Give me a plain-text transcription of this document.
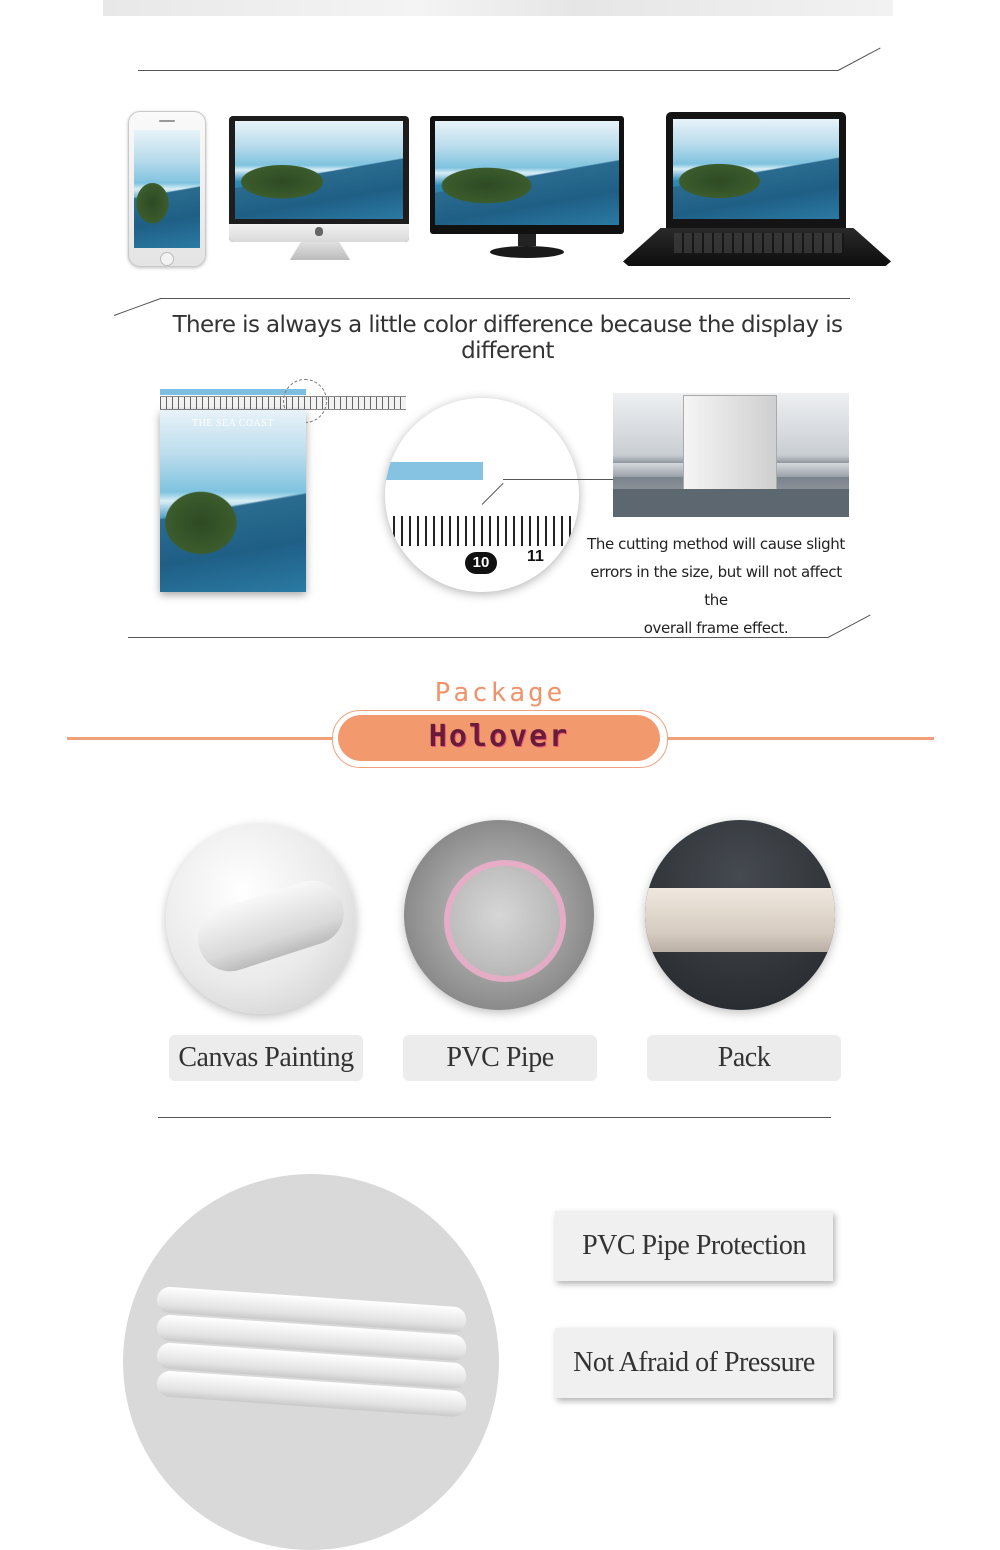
There is always a little color difference because the display is different
THE SEA COAST
10	11
The cutting method will cause slight
errors in the size, but will not affect the
overall frame effect.
Package
Holover
Canvas Painting	PVC Pipe	Pack
PVC Pipe Protection
Not Afraid of Pressure
